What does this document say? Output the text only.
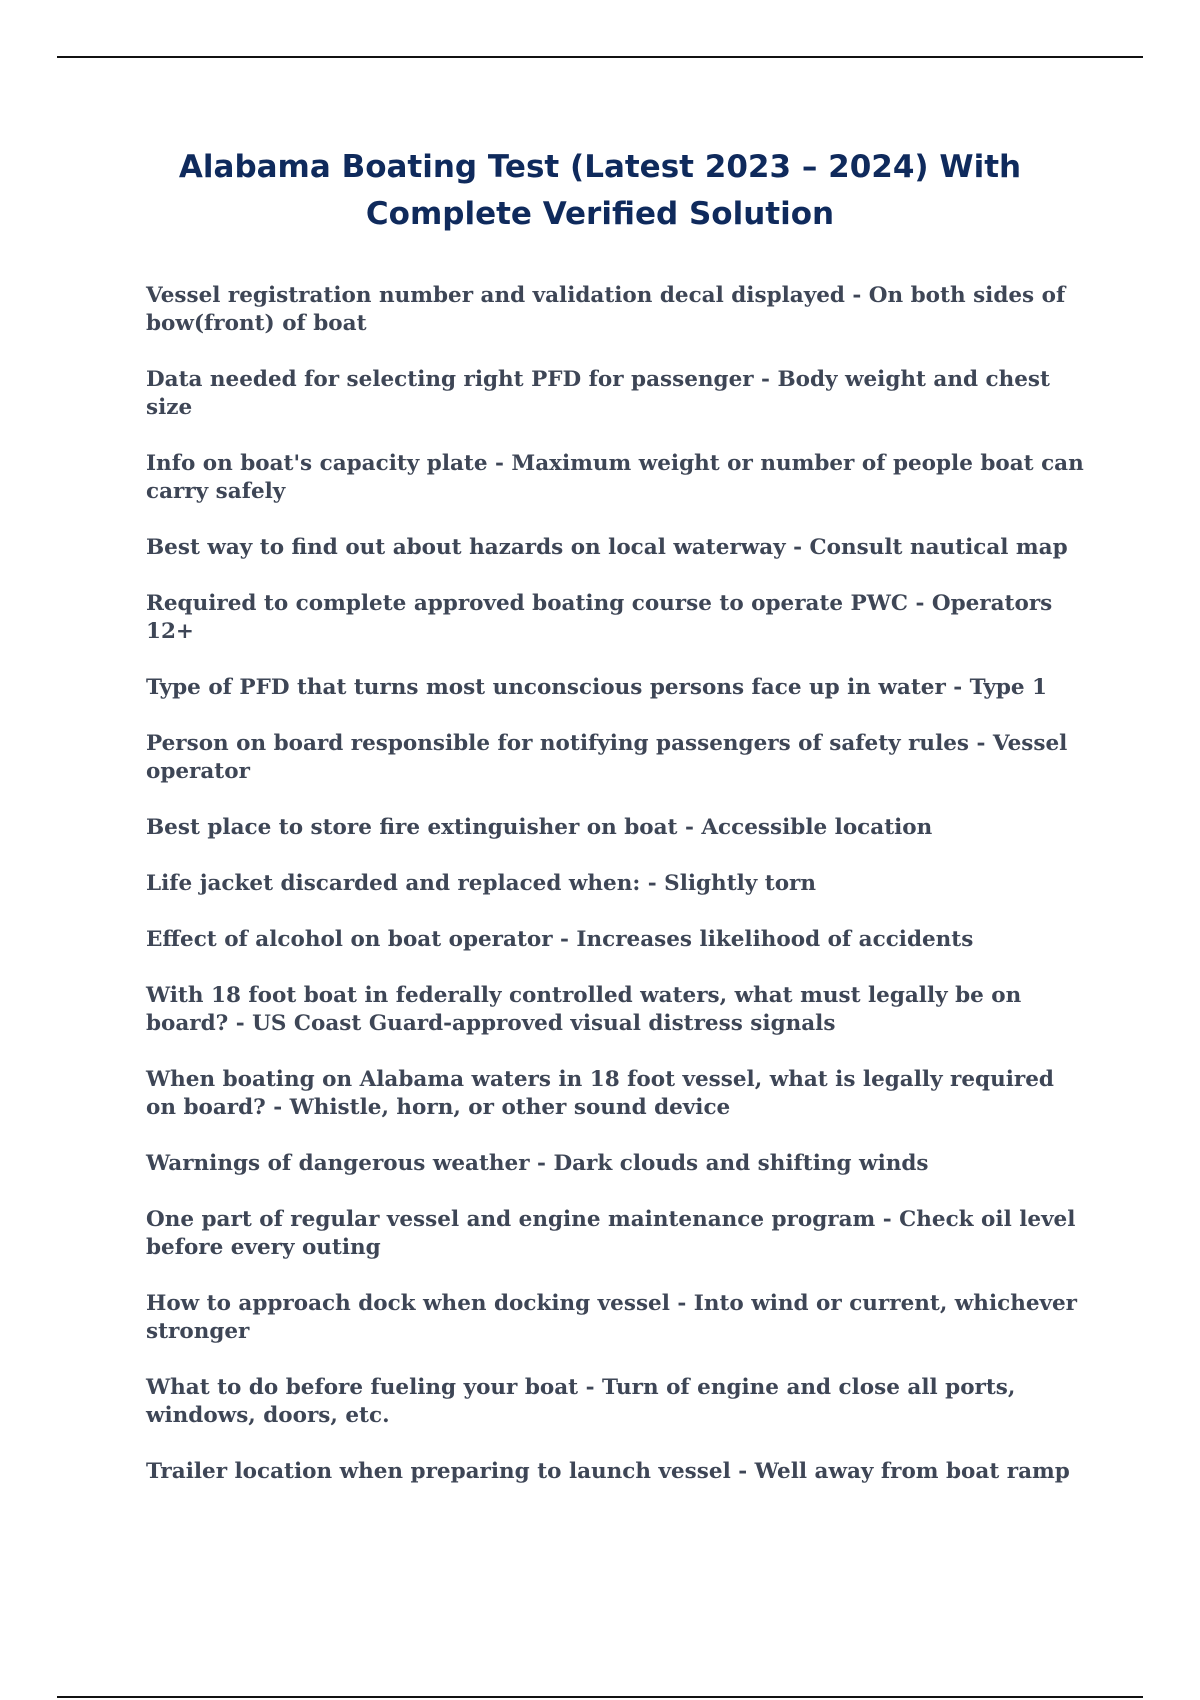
Alabama Boating Test (Latest 2023 – 2024) With Complete Verified Solution
Vessel registration number and validation decal displayed - On both sides of bow(front) of boat
Data needed for selecting right PFD for passenger - Body weight and chest size
Info on boat's capacity plate - Maximum weight or number of people boat can carry safely
Best way to find out about hazards on local waterway - Consult nautical map
Required to complete approved boating course to operate PWC - Operators 12+
Type of PFD that turns most unconscious persons face up in water - Type 1
Person on board responsible for notifying passengers of safety rules - Vessel operator
Best place to store fire extinguisher on boat - Accessible location
Life jacket discarded and replaced when: - Slightly torn
Effect of alcohol on boat operator - Increases likelihood of accidents
With 18 foot boat in federally controlled waters, what must legally be on board? - US Coast Guard-approved visual distress signals
When boating on Alabama waters in 18 foot vessel, what is legally required on board? - Whistle, horn, or other sound device
Warnings of dangerous weather - Dark clouds and shifting winds
One part of regular vessel and engine maintenance program - Check oil level before every outing
How to approach dock when docking vessel - Into wind or current, whichever stronger
What to do before fueling your boat - Turn of engine and close all ports, windows, doors, etc.
Trailer location when preparing to launch vessel - Well away from boat ramp
